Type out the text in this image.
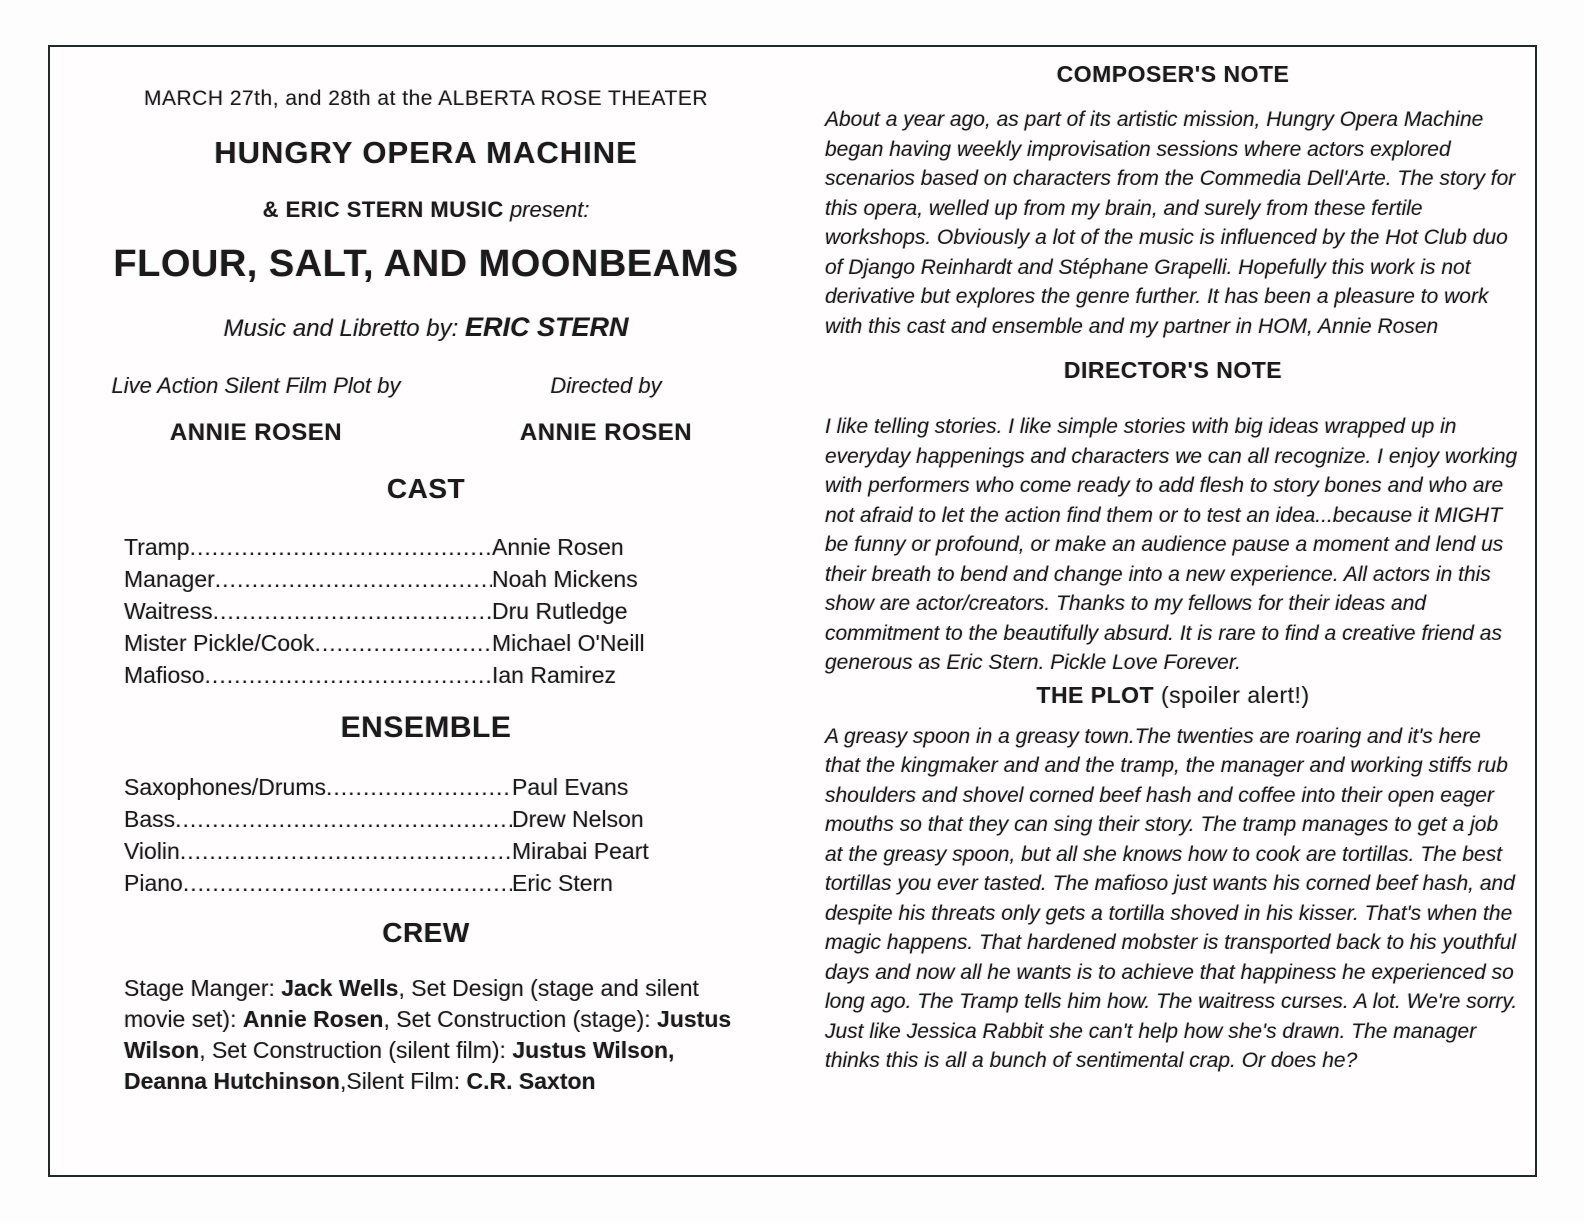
MARCH 27th, and 28th at the ALBERTA ROSE THEATER
HUNGRY OPERA MACHINE
& ERIC STERN MUSIC present:
FLOUR, SALT, AND MOONBEAMS
Music and Libretto by: ERIC STERN
Live Action Silent Film Plot by	Directed by
ANNIE ROSEN	ANNIE ROSEN
CAST
Tramp .....	Annie Rosen
Manager .....	Noah Mickens
Waitress .....	Dru Rutledge
Mister Pickle/Cook .....	Michael O'Neill
Mafioso .....	Ian Ramirez
ENSEMBLE
Saxophones/Drums .....	Paul Evans
Bass .....	Drew Nelson
Violin .....	Mirabai Peart
Piano .....	Eric Stern
CREW

Stage Manger: Jack Wells, Set Design (stage and silent movie set): Annie Rosen, Set Construction (stage): Justus Wilson, Set Construction (silent film): Justus Wilson, Deanna Hutchinson,Silent Film: C.R. Saxton

COMPOSER'S NOTE

About a year ago, as part of its artistic mission, Hungry Opera Machine began having weekly improvisation sessions where actors explored scenarios based on characters from the Commedia Dell'Arte. The story for this opera, welled up from my brain, and surely from these fertile workshops. Obviously a lot of the music is influenced by the Hot Club duo of Django Reinhardt and Stéphane Grapelli. Hopefully this work is not derivative but explores the genre further. It has been a pleasure to work with this cast and ensemble and my partner in HOM, Annie Rosen

DIRECTOR'S NOTE

I like telling stories. I like simple stories with big ideas wrapped up in everyday happenings and characters we can all recognize. I enjoy working with performers who come ready to add flesh to story bones and who are not afraid to let the action find them or to test an idea...because it MIGHT be funny or profound, or make an audience pause a moment and lend us their breath to bend and change into a new experience. All actors in this show are actor/creators. Thanks to my fellows for their ideas and commitment to the beautifully absurd. It is rare to find a creative friend as generous as Eric Stern. Pickle Love Forever.

THE PLOT (spoiler alert!)

A greasy spoon in a greasy town.The twenties are roaring and it's here that the kingmaker and and the tramp, the manager and working stiffs rub shoulders and shovel corned beef hash and coffee into their open eager mouths so that they can sing their story. The tramp manages to get a job at the greasy spoon, but all she knows how to cook are tortillas. The best tortillas you ever tasted. The mafioso just wants his corned beef hash, and despite his threats only gets a tortilla shoved in his kisser. That's when the magic happens. That hardened mobster is transported back to his youthful days and now all he wants is to achieve that happiness he experienced so long ago. The Tramp tells him how. The waitress curses. A lot. We're sorry. Just like Jessica Rabbit she can't help how she's drawn. The manager thinks this is all a bunch of sentimental crap. Or does he?
